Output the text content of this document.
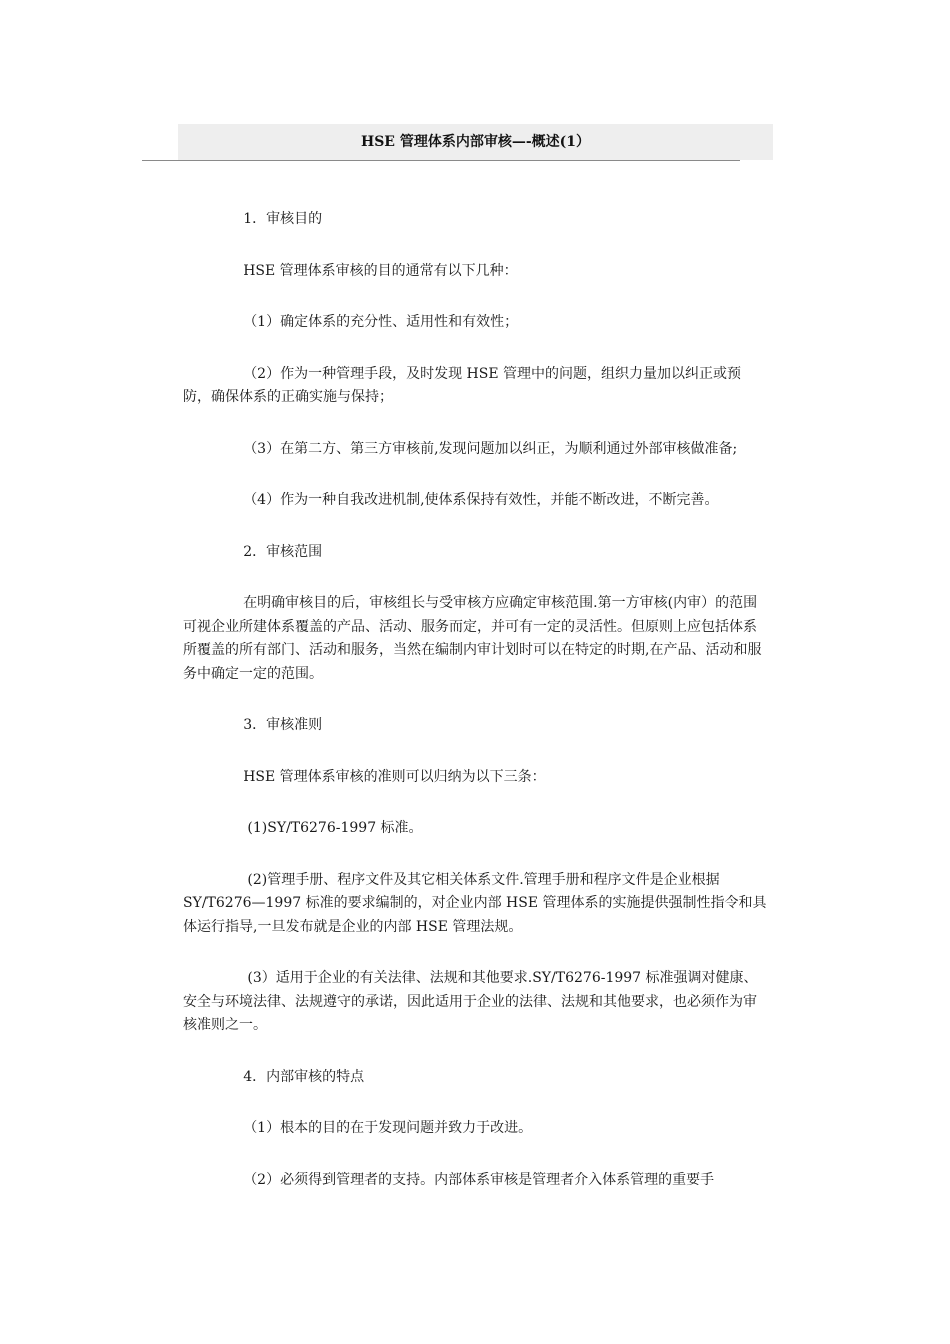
HSE 管理体系内部审核—-概述(1）

1．审核目的

HSE 管理体系审核的目的通常有以下几种：

（1）确定体系的充分性、适用性和有效性；

（2）作为一种管理手段，及时发现 HSE 管理中的问题，组织力量加以纠正或预防，确保体系的正确实施与保持；

（3）在第二方、第三方审核前,发现问题加以纠正，为顺利通过外部审核做准备;

（4）作为一种自我改进机制,使体系保持有效性，并能不断改进，不断完善。

2．审核范围

在明确审核目的后，审核组长与受审核方应确定审核范围.第一方审核(内审）的范围可视企业所建体系覆盖的产品、活动、服务而定，并可有一定的灵活性。但原则上应包括体系所覆盖的所有部门、活动和服务，当然在编制内审计划时可以在特定的时期,在产品、活动和服务中确定一定的范围。

3．审核准则

HSE 管理体系审核的准则可以归纳为以下三条：

(1)SY/T6276-1997 标准。

(2)管理手册、程序文件及其它相关体系文件.管理手册和程序文件是企业根据 SY/T6276—1997 标准的要求编制的，对企业内部 HSE 管理体系的实施提供强制性指令和具体运行指导,一旦发布就是企业的内部 HSE 管理法规。

(3）适用于企业的有关法律、法规和其他要求.SY/T6276-1997 标准强调对健康、安全与环境法律、法规遵守的承诺，因此适用于企业的法律、法规和其他要求，也必须作为审核准则之一。

4．内部审核的特点

（1）根本的目的在于发现问题并致力于改进。

（2）必须得到管理者的支持。内部体系审核是管理者介入体系管理的重要手
